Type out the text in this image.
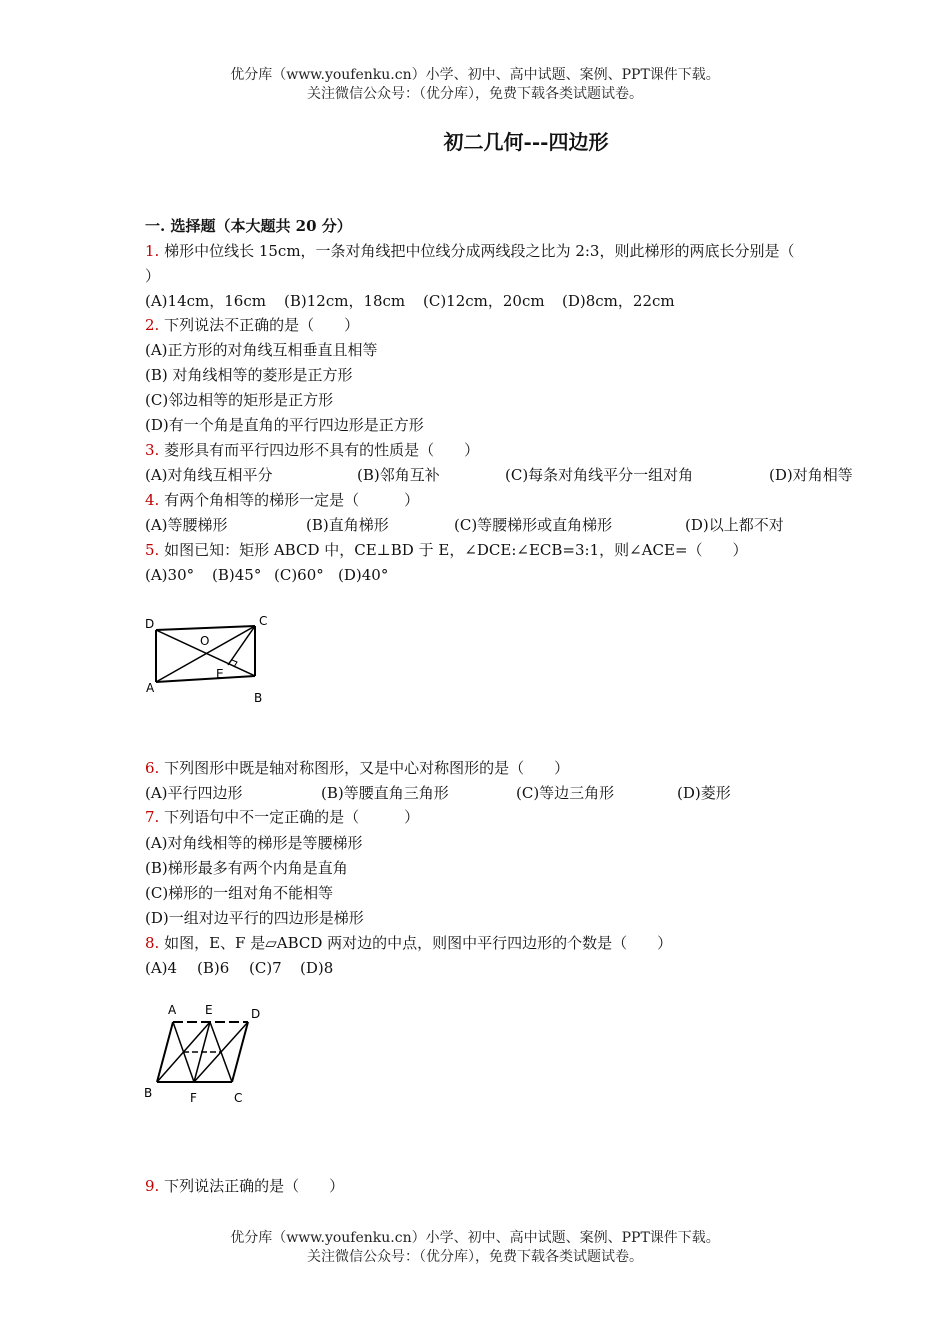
优分库（www.youfenku.cn）小学、初中、高中试题、案例、PPT课件下载。
关注微信公众号：（优分库），免费下载各类试题试卷。
初二几何---四边形
一. 选择题（本大题共 20 分）
1. 梯形中位线长 15cm，一条对角线把中位线分成两线段之比为 2:3，则此梯形的两底长分别是（
）
(A)14cm，16cm (B)12cm，18cm (C)12cm，20cm (D)8cm，22cm
2. 下列说法不正确的是（　　）
(A)正方形的对角线互相垂直且相等
(B) 对角线相等的菱形是正方形
(C)邻边相等的矩形是正方形
(D)有一个角是直角的平行四边形是正方形
3. 菱形具有而平行四边形不具有的性质是（　　）
(A)对角线互相平分	(B)邻角互补	(C)每条对角线平分一组对角	(D)对角相等
4. 有两个角相等的梯形一定是（　　　）
(A)等腰梯形	(B)直角梯形	(C)等腰梯形或直角梯形	(D)以上都不对
5. 如图已知：矩形 ABCD 中，CE⊥BD 于 E，∠DCE:∠ECB=3:1，则∠ACE=（　　）
(A)30° (B)45° (C)60° (D)40°
D	C
O
E
A
B
6. 下列图形中既是轴对称图形，又是中心对称图形的是（　　）
(A)平行四边形	(B)等腰直角三角形	(C)等边三角形	(D)菱形
7. 下列语句中不一定正确的是（　　　）
(A)对角线相等的梯形是等腰梯形
(B)梯形最多有两个内角是直角
(C)梯形的一组对角不能相等
(D)一组对边平行的四边形是梯形
8. 如图，E、F 是▱ABCD 两对边的中点，则图中平行四边形的个数是（　　）
(A)4 (B)6 (C)7 (D)8
A E	D
B	F	C
9. 下列说法正确的是（　　）
优分库（www.youfenku.cn）小学、初中、高中试题、案例、PPT课件下载。
关注微信公众号：（优分库），免费下载各类试题试卷。
